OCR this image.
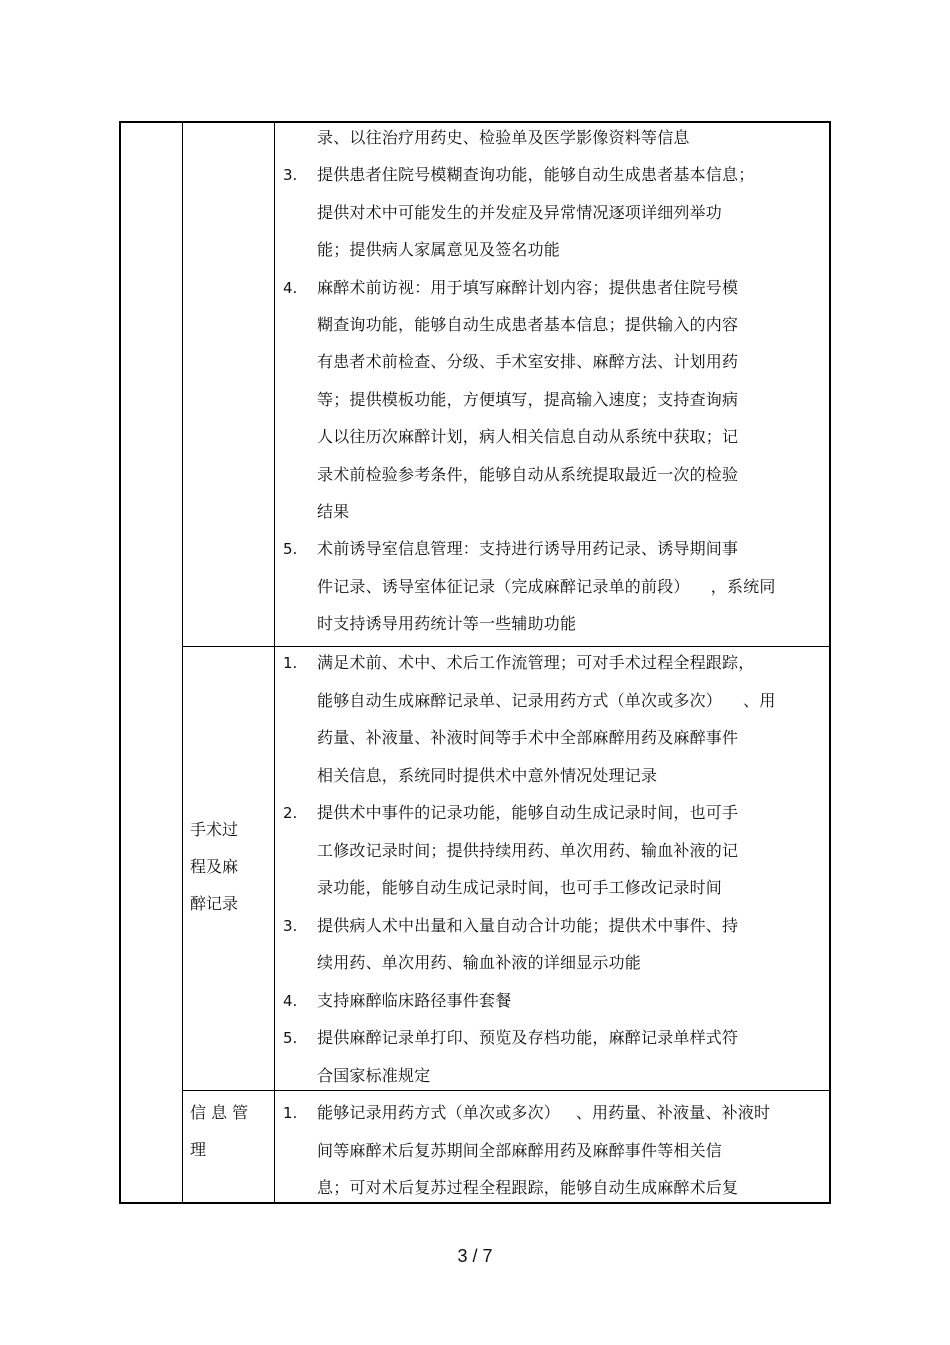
录、以往治疗用药史、检验单及医学影像资料等信息
3. 提供患者住院号模糊查询功能，能够自动生成患者基本信息；
提供对术中可能发生的并发症及异常情况逐项详细列举功
能；提供病人家属意见及签名功能
4. 麻醉术前访视：用于填写麻醉计划内容；提供患者住院号模
糊查询功能，能够自动生成患者基本信息；提供输入的内容
有患者术前检查、分级、手术室安排、麻醉方法、计划用药
等；提供模板功能，方便填写，提高输入速度；支持查询病
人以往历次麻醉计划，病人相关信息自动从系统中获取；记
录术前检验参考条件，能够自动从系统提取最近一次的检验
结果
5. 术前诱导室信息管理：支持进行诱导用药记录、诱导期间事
件记录、诱导室体征记录（完成麻醉记录单的前段）    ，系统同
时支持诱导用药统计等一些辅助功能
手术过
程及麻
醉记录
1. 满足术前、术中、术后工作流管理；可对手术过程全程跟踪，
能够自动生成麻醉记录单、记录用药方式（单次或多次）    、用
药量、补液量、补液时间等手术中全部麻醉用药及麻醉事件
相关信息，系统同时提供术中意外情况处理记录
2. 提供术中事件的记录功能，能够自动生成记录时间，也可手
工修改记录时间；提供持续用药、单次用药、输血补液的记
录功能，能够自动生成记录时间，也可手工修改记录时间
3. 提供病人术中出量和入量自动合计功能；提供术中事件、持
续用药、单次用药、输血补液的详细显示功能
4. 支持麻醉临床路径事件套餐
5. 提供麻醉记录单打印、预览及存档功能，麻醉记录单样式符
合国家标准规定
信 息 管
理
1. 能够记录用药方式（单次或多次）   、用药量、补液量、补液时
间等麻醉术后复苏期间全部麻醉用药及麻醉事件等相关信
息；可对术后复苏过程全程跟踪，能够自动生成麻醉术后复
3 / 7
